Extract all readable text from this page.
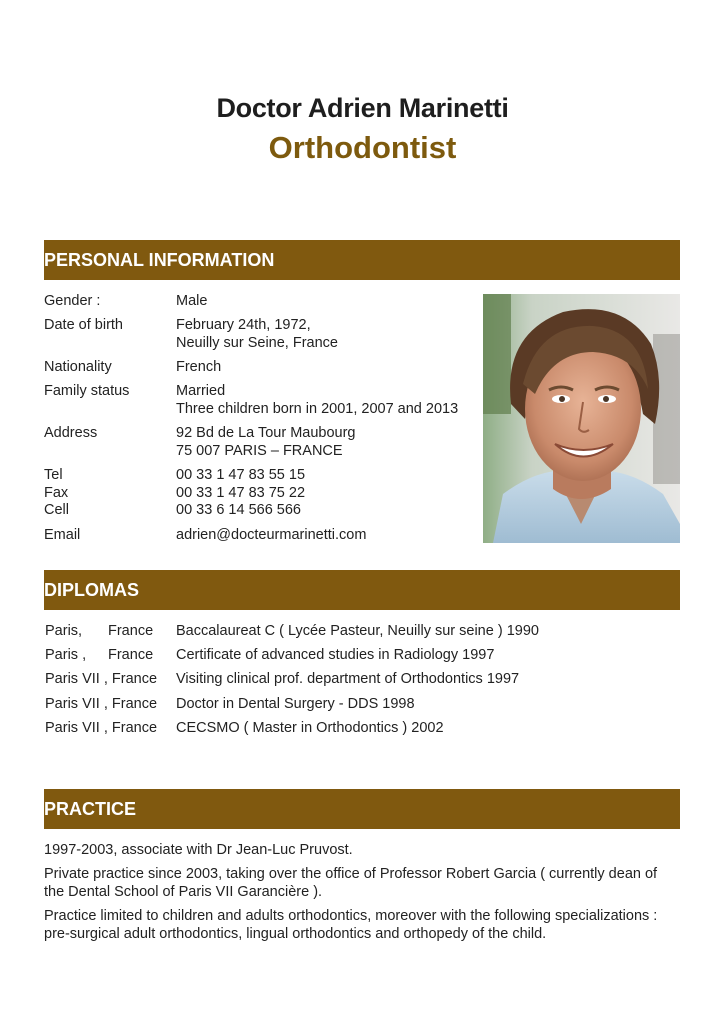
Doctor Adrien Marinetti
Orthodontist
PERSONAL INFORMATION
Gender :	Male
Date of birth	February 24th, 1972,
Neuilly sur Seine, France
Nationality	French
Family status	Married
Three children born in 2001, 2007 and 2013
Address	92 Bd de La Tour Maubourg
75 007 PARIS – FRANCE
Tel	00 33 1 47 83 55 15
Fax	00 33 1 47 83 75 22
Cell	00 33 6 14 566 566
Email	adrien@docteurmarinetti.com
DIPLOMAS
Paris, France Baccalaureat C ( Lycée Pasteur, Neuilly sur seine ) 1990
Paris , France Certificate of advanced studies in Radiology 1997
Paris VII , France Visiting clinical prof. department of Orthodontics 1997
Paris VII , France Doctor in Dental Surgery - DDS 1998
Paris VII , France CECSMO ( Master in Orthodontics ) 2002
PRACTICE
1997-2003, associate with Dr Jean-Luc Pruvost.
Private practice since 2003, taking over the office of Professor Robert Garcia ( currently dean of the Dental School of Paris VII Garancière ).
Practice limited to children and adults orthodontics, moreover with the following specializations : pre-surgical adult orthodontics, lingual orthodontics and orthopedy of the child.
